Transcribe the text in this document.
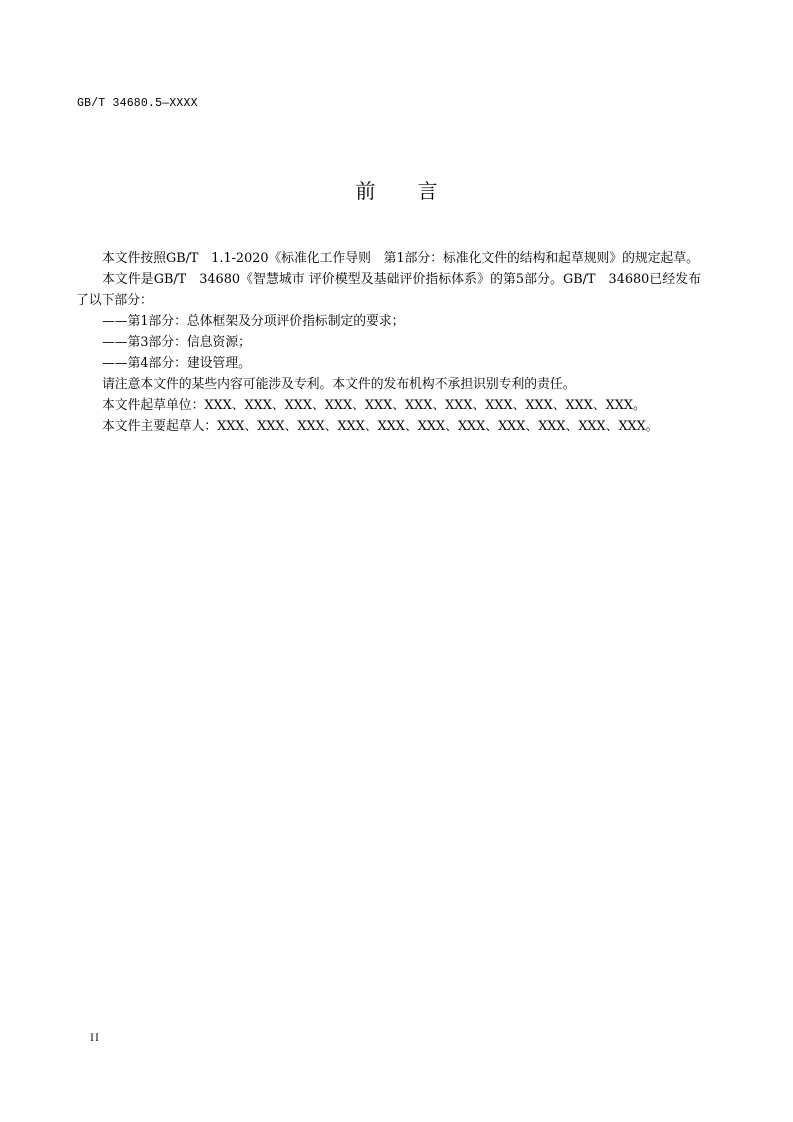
GB/T 34680.5—XXXX
前 言

本文件按照GB/T　1.1-2020《标准化工作导则　第1部分：标准化文件的结构和起草规则》的规定起草。

本文件是GB/T　34680《智慧城市 评价模型及基础评价指标体系》的第5部分。GB/T　34680已经发布了以下部分：

——第1部分：总体框架及分项评价指标制定的要求；

——第3部分：信息资源；

——第4部分：建设管理。

请注意本文件的某些内容可能涉及专利。本文件的发布机构不承担识别专利的责任。

本文件起草单位：XXX、XXX、XXX、XXX、XXX、XXX、XXX、XXX、XXX、XXX、XXX。

本文件主要起草人：XXX、XXX、XXX、XXX、XXX、XXX、XXX、XXX、XXX、XXX、XXX。

II
